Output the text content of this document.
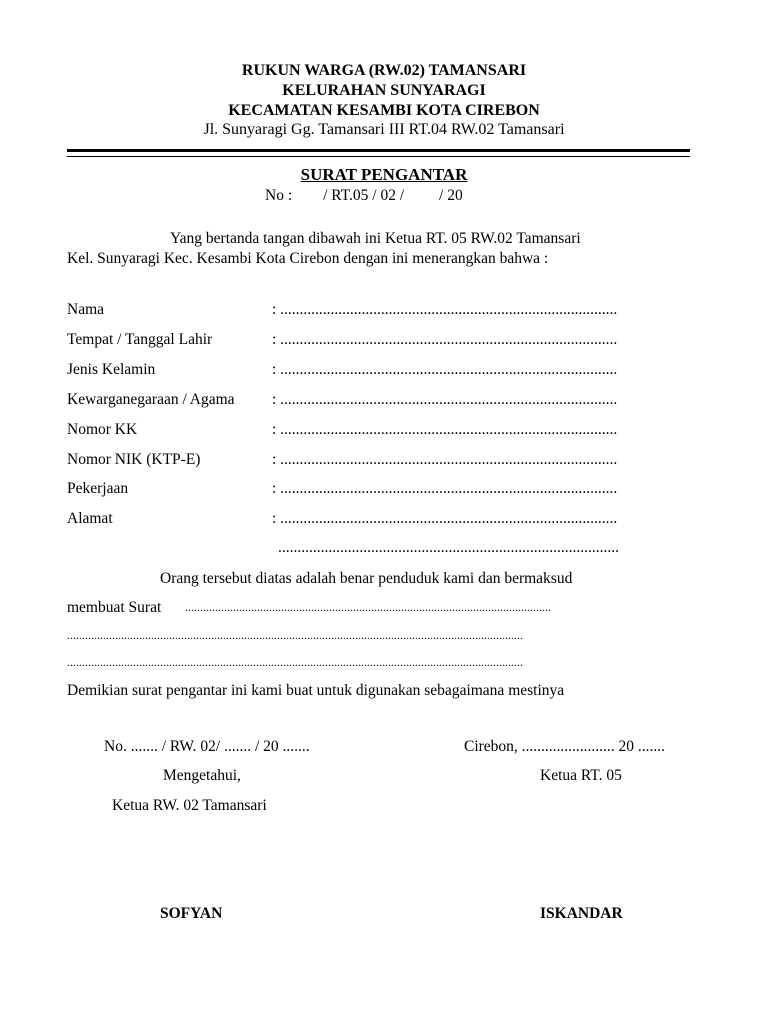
RUKUN WARGA (RW.02) TAMANSARI
KELURAHAN SUNYARAGI
KECAMATAN KESAMBI KOTA CIREBON
Jl. Sunyaragi Gg. Tamansari III RT.04 RW.02 Tamansari
SURAT PENGANTAR
No :        / RT.05 / 02 /         / 20
Yang bertanda tangan dibawah ini Ketua RT. 05 RW.02 Tamansari
Kel. Sunyaragi Kec. Kesambi Kota Cirebon dengan ini menerangkan bahwa :
Nama	: .......................................................................................
Tempat / Tanggal Lahir	: .......................................................................................
Jenis Kelamin	: .......................................................................................
Kewarganegaraan / Agama : .......................................................................................
Nomor KK	: .......................................................................................
Nomor NIK (KTP-E)	: .......................................................................................
Pekerjaan	: .......................................................................................
Alamat	: .......................................................................................
........................................................................................
Orang tersebut diatas adalah benar penduduk kami dan bermaksud
membuat Surat ..........................................................................................................................
........................................................................................................................................................
........................................................................................................................................................
Demikian surat pengantar ini kami buat untuk digunakan sebagaimana mestinya
No. ....... / RW. 02/ ....... / 20 .......	Cirebon, ........................ 20 .......
Mengetahui,	Ketua RT. 05
Ketua RW. 02 Tamansari
SOFYAN	ISKANDAR
